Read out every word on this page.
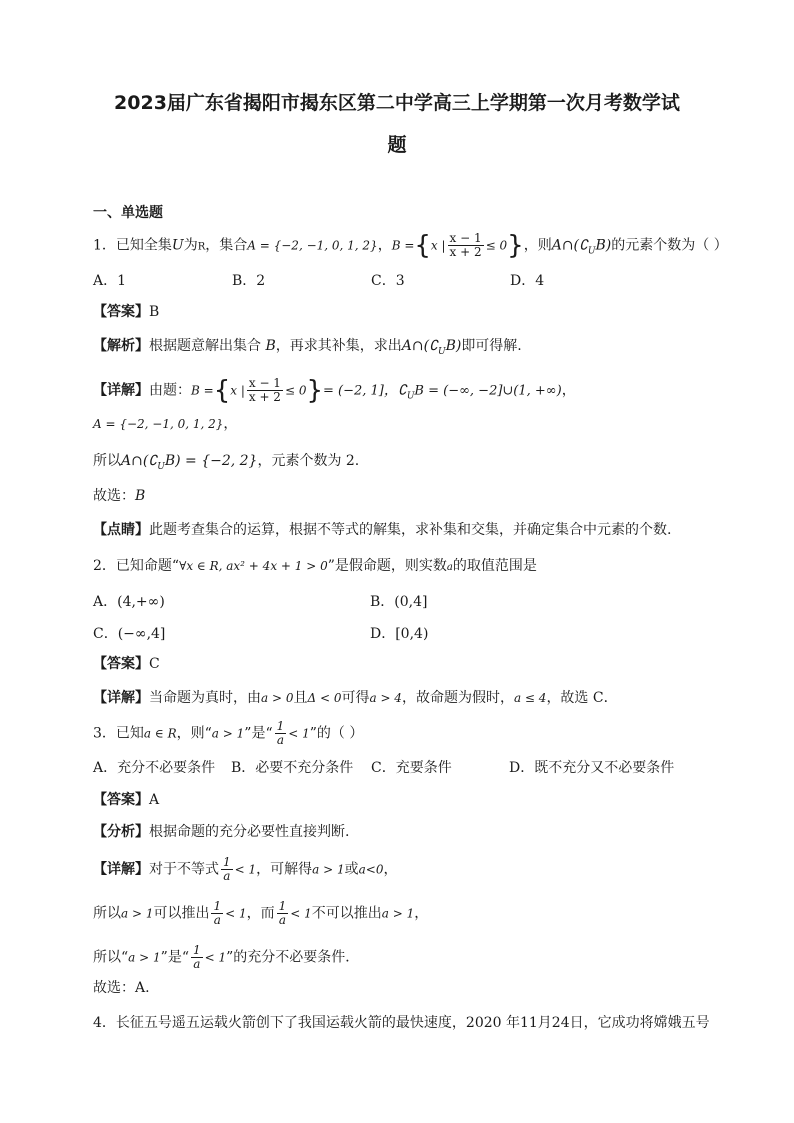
2023届广东省揭阳市揭东区第二中学高三上学期第一次月考数学试
题
一、单选题
1．已知全集U为R，集合A = {−2, −1, 0, 1, 2}，B ={x | $\frac{x - 1}{x + 2} \le 0$}，则$A\cap(∁_UB)$的元素个数为（ ）
A．1	B．2	C．3	D．4
【答案】B
【解析】根据题意解出集合 B，再求其补集，求出$A\cap(∁_UB)$即可得解.
【详解】由题：B ={x | $\frac{x - 1}{x + 2} \le 0\}= (-2$, 1]，$∁_UB$ = (−∞, −2]∪(1, +∞)，
A = {−2, −1, 0, 1, 2}，
所以$A\cap(∁_UB) = \{-2$, 2}，元素个数为 2.
故选：B
【点睛】此题考查集合的运算，根据不等式的解集，求补集和交集，并确定集合中元素的个数.
2．已知命题“∀x ∈ R, ax² + 4x + 1 > 0”是假命题，则实数a的取值范围是
A．(4,+∞)	B．(0,4]
C．(−∞,4]	D．[0,4)
【答案】C
【详解】当命题为真时，由a > 0且Δ < 0可得a > 4，故命题为假时，a ≤ 4，故选 C．
3．已知a ∈ R，则“a > 1”是“ $\frac{1}{a} < 1$”的（ ）
A．充分不必要条件 B．必要不充分条件 C．充要条件	D．既不充分又不必要条件
【答案】A
【分析】根据命题的充分必要性直接判断.
【详解】对于不等式 $\frac{1}{a} < 1$，可解得a > 1或a<0，
所以a > 1可以推出 $\frac{1}{a} < 1$，而 $\frac{1}{a} < 1$不可以推出a > 1，
所以“a > 1”是“ $\frac{1}{a} < 1$”的充分不必要条件．
故选：A.
4．长征五号遥五运载火箭创下了我国运载火箭的最快速度，2020 年11月24日，它成功将嫦娥五号
